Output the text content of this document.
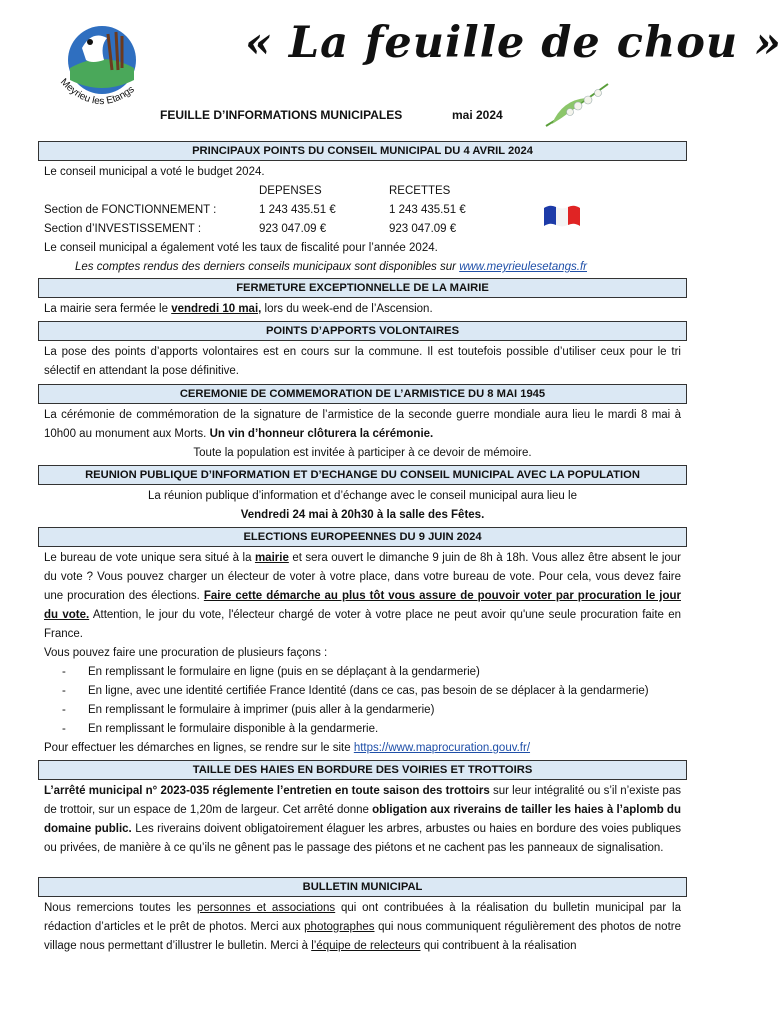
Meyrieu les Etangs
« La feuille de chou »
FEUILLE D’INFORMATIONS MUNICIPALES	mai 2024
PRINCIPAUX POINTS DU CONSEIL MUNICIPAL DU 4 AVRIL 2024
Le conseil municipal a voté le budget 2024.
DEPENSES	RECETTES
Section de FONCTIONNEMENT :	1 243 435.51 €	1 243 435.51 €
Section d’INVESTISSEMENT :	923 047.09 €	923 047.09 €
Le conseil municipal a également voté les taux de fiscalité pour l’année 2024.
Les comptes rendus des derniers conseils municipaux sont disponibles sur www.meyrieulesetangs.fr
FERMETURE EXCEPTIONNELLE DE LA MAIRIE
La mairie sera fermée le vendredi 10 mai, lors du week-end de l’Ascension.
POINTS D’APPORTS VOLONTAIRES
La pose des points d’apports volontaires est en cours sur la commune. Il est toutefois possible d’utiliser ceux pour le tri sélectif en attendant la pose définitive.
CEREMONIE DE COMMEMORATION DE L’ARMISTICE DU 8 MAI 1945
La cérémonie de commémoration de la signature de l’armistice de la seconde guerre mondiale aura lieu le mardi 8 mai à 10h00 au monument aux Morts. Un vin d’honneur clôturera la cérémonie.
Toute la population est invitée à participer à ce devoir de mémoire.
REUNION PUBLIQUE D’INFORMATION ET D’ECHANGE DU CONSEIL MUNICIPAL AVEC LA POPULATION
La réunion publique d’information et d’échange avec le conseil municipal aura lieu le
Vendredi 24 mai à 20h30 à la salle des Fêtes.
ELECTIONS EUROPEENNES DU 9 JUIN 2024
Le bureau de vote unique sera situé à la mairie et sera ouvert le dimanche 9 juin de 8h à 18h. Vous allez être absent le jour du vote ? Vous pouvez charger un électeur de voter à votre place, dans votre bureau de vote. Pour cela, vous devez faire une procuration des élections. Faire cette démarche au plus tôt vous assure de pouvoir voter par procuration le jour du vote. Attention, le jour du vote, l'électeur chargé de voter à votre place ne peut avoir qu'une seule procuration faite en France.
Vous pouvez faire une procuration de plusieurs façons :
- En remplissant le formulaire en ligne (puis en se déplaçant à la gendarmerie)
- En ligne, avec une identité certifiée France Identité (dans ce cas, pas besoin de se déplacer à la gendarmerie)
- En remplissant le formulaire à imprimer (puis aller à la gendarmerie)
- En remplissant le formulaire disponible à la gendarmerie.
Pour effectuer les démarches en lignes, se rendre sur le site https://www.maprocuration.gouv.fr/
TAILLE DES HAIES EN BORDURE DES VOIRIES ET TROTTOIRS
L’arrêté municipal n° 2023-035 réglemente l’entretien en toute saison des trottoirs sur leur intégralité ou s’il n’existe pas de trottoir, sur un espace de 1,20m de largeur. Cet arrêté donne obligation aux riverains de tailler les haies à l’aplomb du domaine public. Les riverains doivent obligatoirement élaguer les arbres, arbustes ou haies en bordure des voies publiques ou privées, de manière à ce qu’ils ne gênent pas le passage des piétons et ne cachent pas les panneaux de signalisation.
BULLETIN MUNICIPAL
Nous remercions toutes les personnes et associations qui ont contribuées à la réalisation du bulletin municipal par la rédaction d’articles et le prêt de photos. Merci aux photographes qui nous communiquent régulièrement des photos de notre village nous permettant d’illustrer le bulletin. Merci à l’équipe de relecteurs qui contribuent à la réalisation
